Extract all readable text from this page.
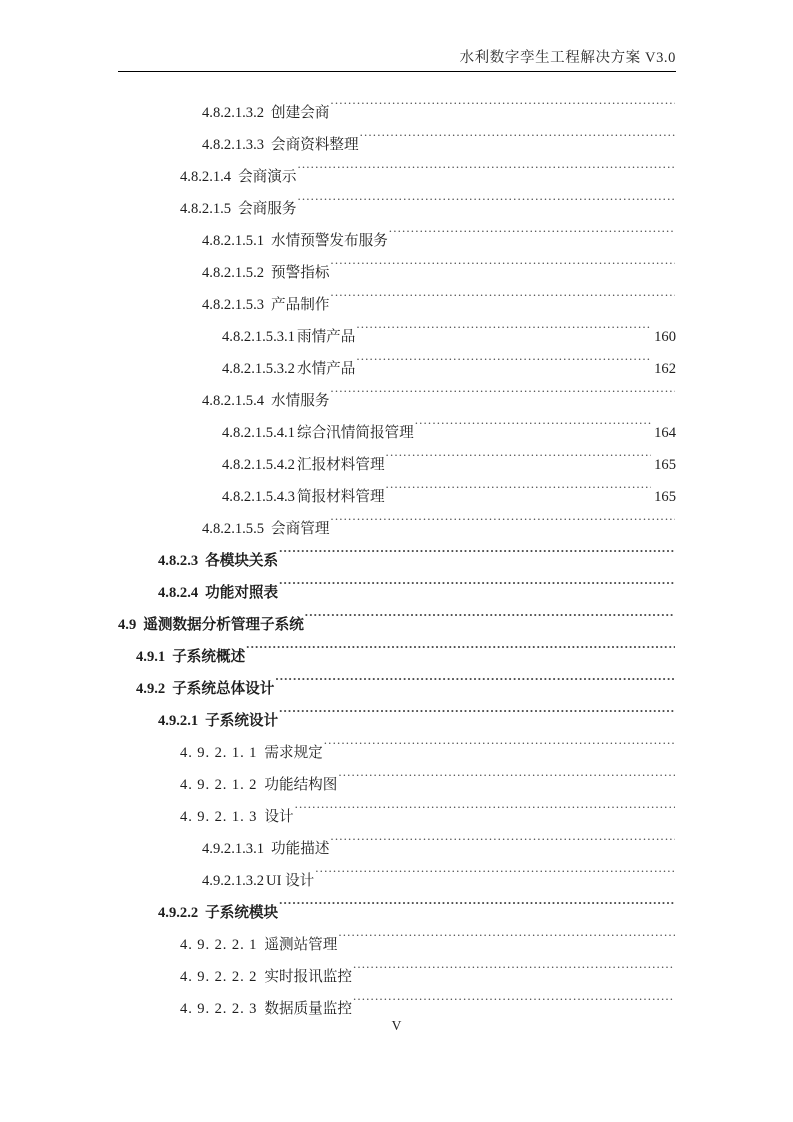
水利数字孪生工程解决方案 V3.0
4.8.2.1.3.2 创建会商
.....
4.8.2.1.3.3 会商资料整理
.....
4.8.2.1.4 会商演示
.....
4.8.2.1.5 会商服务
.....
4.8.2.1.5.1 水情预警发布服务
.....
4.8.2.1.5.2 预警指标
.....
4.8.2.1.5.3 产品制作
.....
4.8.2.1.5.3.1 雨情产品 .....	160
4.8.2.1.5.3.2 水情产品 .....	162
4.8.2.1.5.4 水情服务
.....
4.8.2.1.5.4.1 综合汛情简报管理 .....	164
4.8.2.1.5.4.2 汇报材料管理 .....	165
4.8.2.1.5.4.3 简报材料管理 .....	165
4.8.2.1.5.5 会商管理
.....
4.8.2.3 各模块关系
.....
4.8.2.4 功能对照表
.....
4.9 遥测数据分析管理子系统
.....
4.9.1 子系统概述
.....
4.9.2 子系统总体设计
.....
4.9.2.1 子系统设计
.....
4. 9. 2. 1. 1 需求规定
.....
4. 9. 2. 1. 2 功能结构图
.....
4. 9. 2. 1. 3 设计
.....
4.9.2.1.3.1 功能描述
.....
4.9.2.1.3.2 UI 设计
.....
4.9.2.2 子系统模块
.....
4. 9. 2. 2. 1 遥测站管理
.....
4. 9. 2. 2. 2 实时报讯监控
.....
4. 9. 2. 2. 3 数据质量监控
.....
V
